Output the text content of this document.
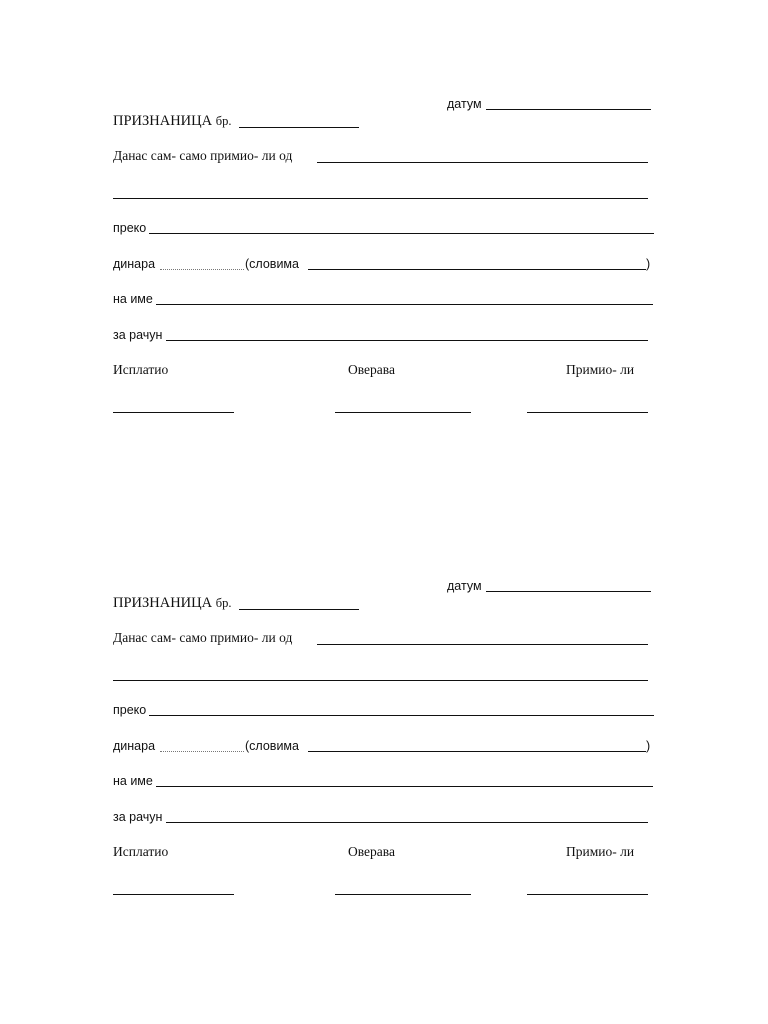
датум
ПРИЗНАНИЦА бр.
Данас сам- само примио- ли од
преко
динара	(словима	)
на име
за рачун
Исплатио	Оверава	Примио- ли
датум
ПРИЗНАНИЦА бр.
Данас сам- само примио- ли од
преко
динара	(словима	)
на име
за рачун
Исплатио	Оверава	Примио- ли
